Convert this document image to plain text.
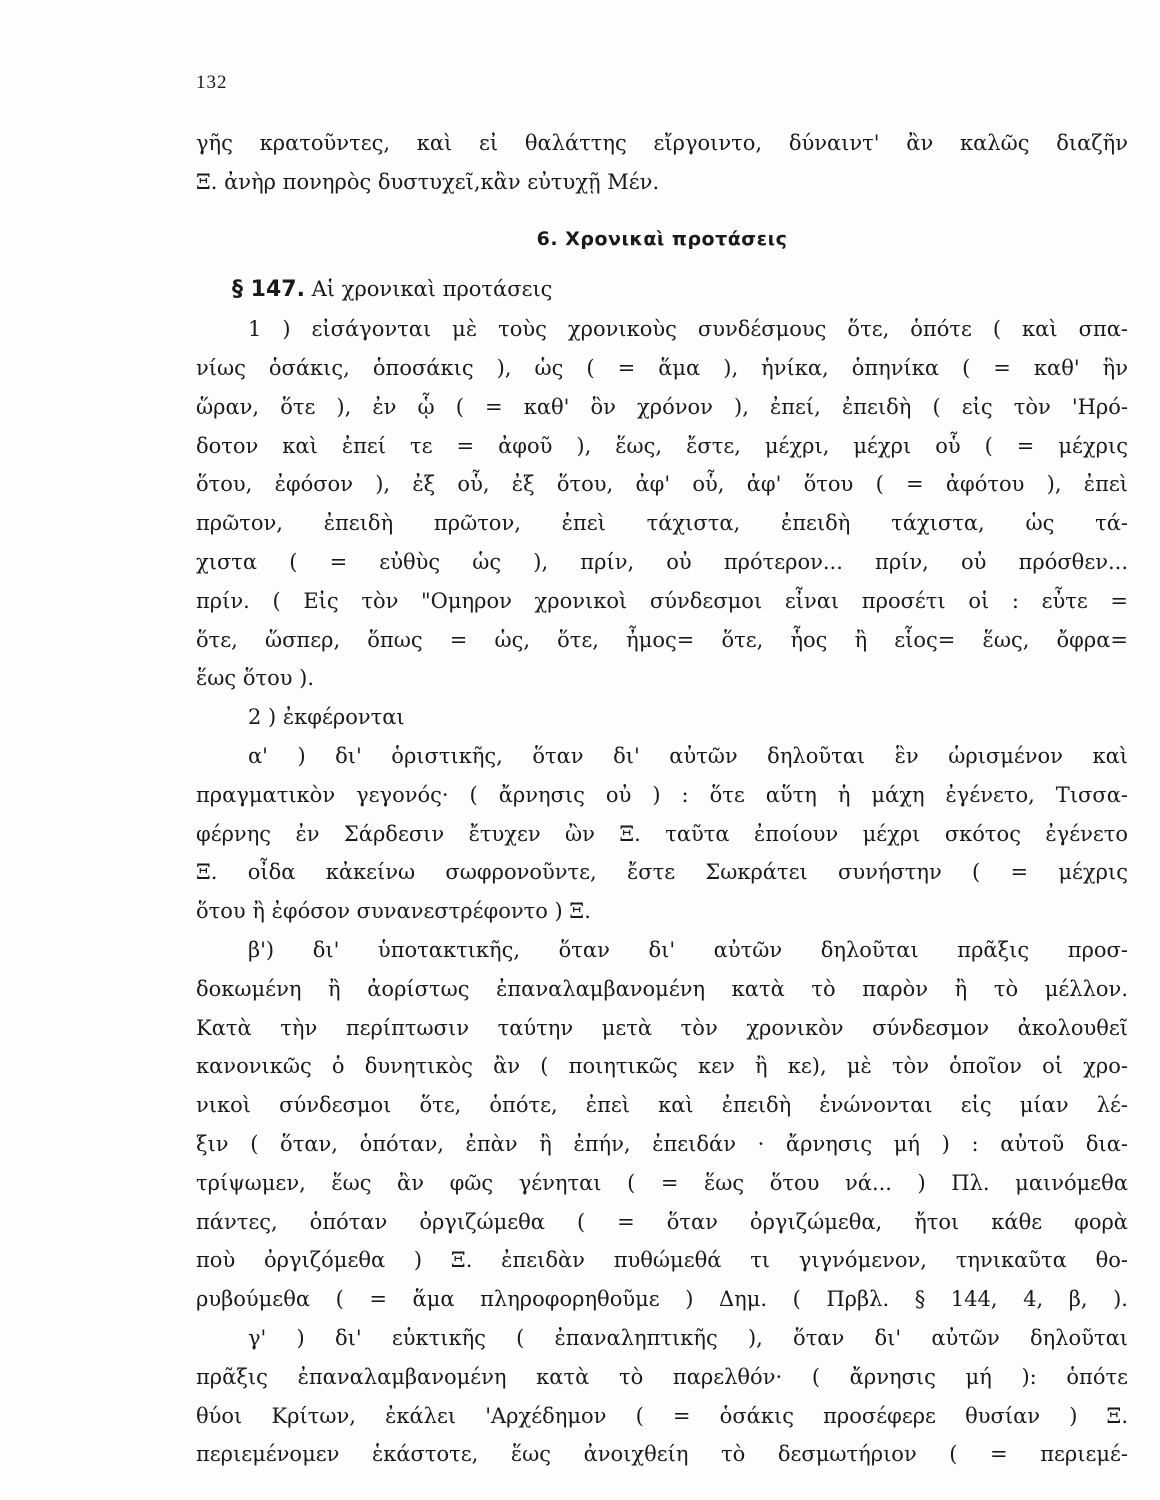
132
γῆς κρατοῦντες, καὶ εἰ θαλάττης εἴργοιντο, δύναιντ' ἂν καλῶς διαζῆν
Ξ. ἀνὴρ πονηρὸς δυστυχεῖ,κἂν εὐτυχῇ Μέν.
6. Χρονικαὶ προτάσεις
§ 147. Αἱ χρονικαὶ προτάσεις
1 ) εἰσάγονται μὲ τοὺς χρονικοὺς συνδέσμους ὅτε, ὁπότε ( καὶ σπα-
νίως ὁσάκις, ὁποσάκις ), ὡς ( = ἅμα ), ἡνίκα, ὁπηνίκα ( = καθ' ἣν
ὥραν, ὅτε ), ἐν ᾧ ( = καθ' ὃν χρόνον ), ἐπεί, ἐπειδὴ ( εἰς τὸν 'Ηρό-
δοτον καὶ ἐπεί τε = ἀφοῦ ), ἕως, ἔστε, μέχρι, μέχρι οὗ ( = μέχρις
ὅτου, ἐφόσον ), ἐξ οὗ, ἐξ ὅτου, ἀφ' οὗ, ἀφ' ὅτου ( = ἀφότου ), ἐπεὶ
πρῶτον, ἐπειδὴ πρῶτον, ἐπεὶ τάχιστα, ἐπειδὴ τάχιστα, ὡς τά-
χιστα ( = εὐθὺς ὡς ), πρίν, οὐ πρότερον... πρίν, οὐ πρόσθεν...
πρίν. ( Εἰς τὸν "Ομηρον χρονικοὶ σύνδεσμοι εἶναι προσέτι οἱ : εὖτε =
ὅτε, ὥσπερ, ὅπως = ὡς, ὅτε, ἦμος= ὅτε, ἧος ἢ εἷος= ἕως, ὄφρα=
ἕως ὅτου ).
2 ) ἐκφέρονται
α' ) δι' ὁριστικῆς, ὅταν δι' αὐτῶν δηλοῦται ἓν ὡρισμένον καὶ
πραγματικὸν γεγονός· ( ἄρνησις οὐ ) : ὅτε αὕτη ἡ μάχη ἐγένετο, Τισσα-
φέρνης ἐν Σάρδεσιν ἔτυχεν ὢν Ξ. ταῦτα ἐποίουν μέχρι σκότος ἐγένετο
Ξ. οἶδα κἀκείνω σωφρονοῦντε, ἔστε Σωκράτει συνήστην ( = μέχρις
ὅτου ἢ ἐφόσον συνανεστρέφοντο ) Ξ.
β') δι' ὑποτακτικῆς, ὅταν δι' αὐτῶν δηλοῦται πρᾶξις προσ-
δοκωμένη ἢ ἀορίστως ἐπαναλαμβανομένη κατὰ τὸ παρὸν ἢ τὸ μέλλον.
Κατὰ τὴν περίπτωσιν ταύτην μετὰ τὸν χρονικὸν σύνδεσμον ἀκολουθεῖ
κανονικῶς ὁ δυνητικὸς ἂν ( ποιητικῶς κεν ἢ κε), μὲ τὸν ὁποῖον οἱ χρο-
νικοὶ σύνδεσμοι ὅτε, ὁπότε, ἐπεὶ καὶ ἐπειδὴ ἑνώνονται εἰς μίαν λέ-
ξιν ( ὅταν, ὁπόταν, ἐπὰν ἢ ἐπήν, ἐπειδάν · ἄρνησις μή ) : αὐτοῦ δια-
τρίψωμεν, ἕως ἂν φῶς γένηται ( = ἕως ὅτου νά... ) Πλ. μαινόμεθα
πάντες, ὁπόταν ὀργιζώμεθα ( = ὅταν ὀργιζώμεθα, ἤτοι κάθε φορὰ
ποὺ ὀργιζόμεθα ) Ξ. ἐπειδὰν πυθώμεθά τι γιγνόμενον, τηνικαῦτα θο-
ρυβούμεθα ( = ἅμα πληροφορηθοῦμε ) Δημ. ( Πρβλ. § 144, 4, β, ).
γ' ) δι' εὐκτικῆς ( ἐπαναληπτικῆς ), ὅταν δι' αὐτῶν δηλοῦται
πρᾶξις ἐπαναλαμβανομένη κατὰ τὸ παρελθόν· ( ἄρνησις μή ): ὁπότε
θύοι Κρίτων, ἐκάλει 'Αρχέδημον ( = ὁσάκις προσέφερε θυσίαν ) Ξ.
περιεμένομεν ἑκάστοτε, ἕως ἀνοιχθείη τὸ δεσμωτήριον ( = περιεμέ-
